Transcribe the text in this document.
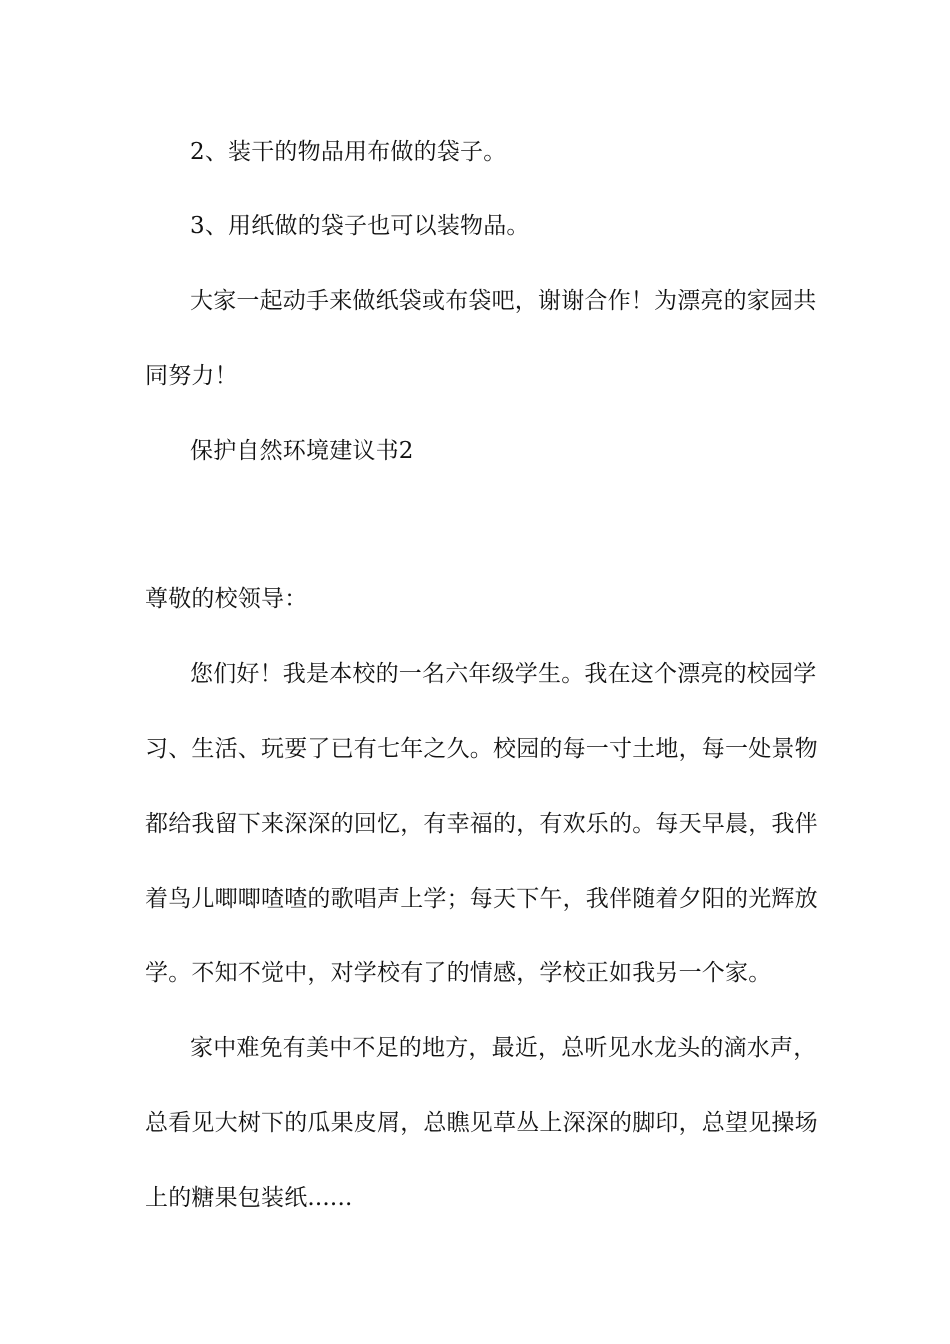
2、装干的物品用布做的袋子。
3、用纸做的袋子也可以装物品。
大家一起动手来做纸袋或布袋吧，谢谢合作！为漂亮的家园共
同努力！
保护自然环境建议书2
尊敬的校领导：
您们好！我是本校的一名六年级学生。我在这个漂亮的校园学
习、生活、玩要了已有七年之久。校园的每一寸土地，每一处景物
都给我留下来深深的回忆，有幸福的，有欢乐的。每天早晨，我伴
着鸟儿唧唧喳喳的歌唱声上学；每天下午，我伴随着夕阳的光辉放
学。不知不觉中，对学校有了的情感，学校正如我另一个家。
家中难免有美中不足的地方，最近，总听见水龙头的滴水声，
总看见大树下的瓜果皮屑，总瞧见草丛上深深的脚印，总望见操场
上的糖果包装纸......
